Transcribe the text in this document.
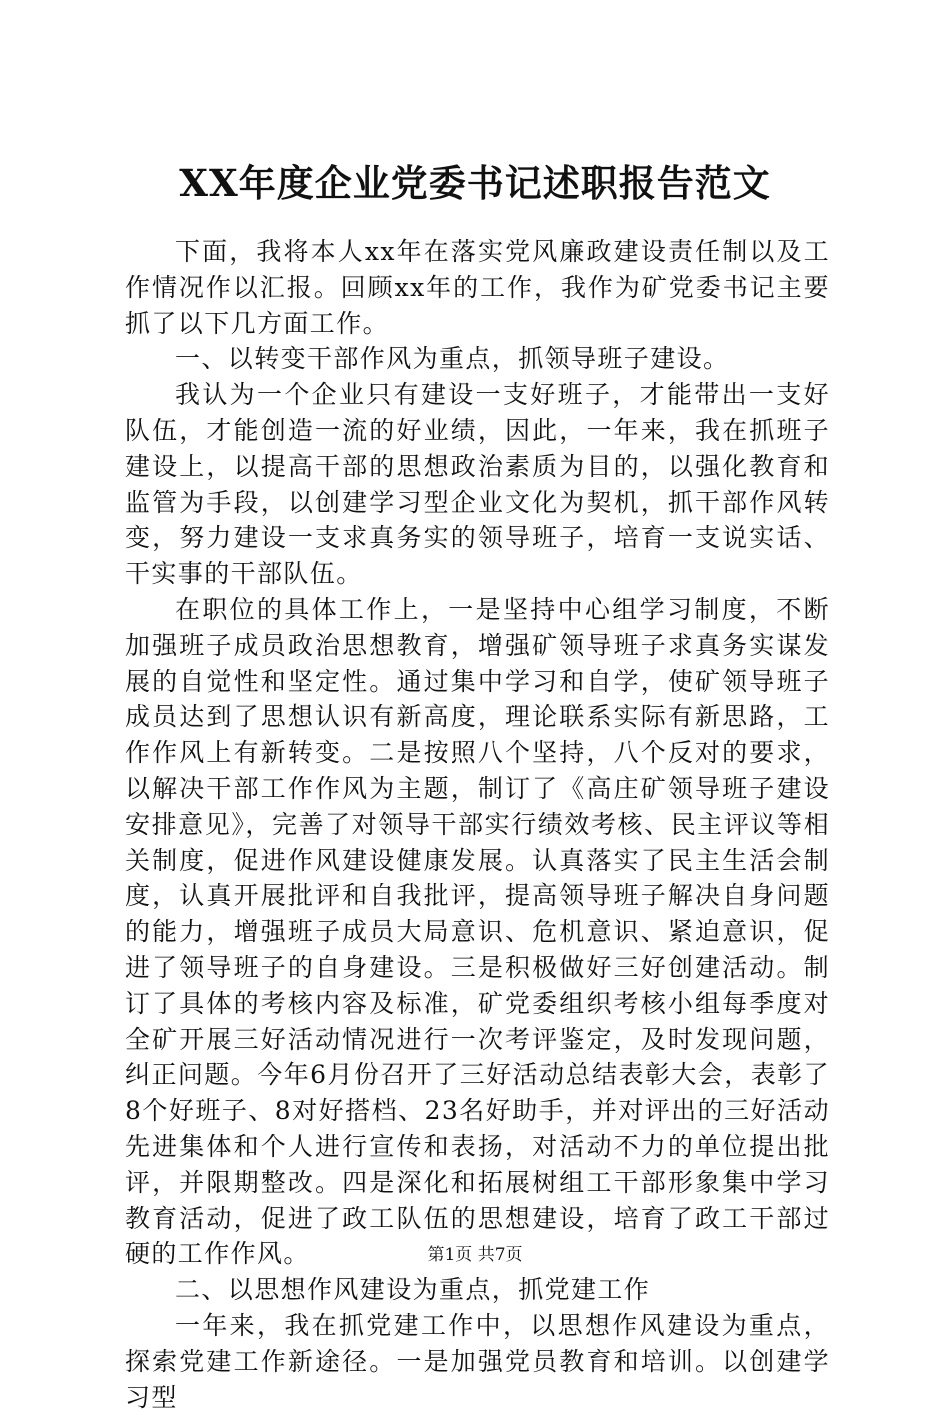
XX年度企业党委书记述职报告范文

下面，我将本人xx年在落实党风廉政建设责任制以及工作情况作以汇报。回顾xx年的工作，我作为矿党委书记主要抓了以下几方面工作。

一、以转变干部作风为重点，抓领导班子建设。

我认为一个企业只有建设一支好班子，才能带出一支好队伍，才能创造一流的好业绩，因此，一年来，我在抓班子建设上，以提高干部的思想政治素质为目的，以强化教育和监管为手段，以创建学习型企业文化为契机，抓干部作风转变，努力建设一支求真务实的领导班子，培育一支说实话、干实事的干部队伍。

在职位的具体工作上，一是坚持中心组学习制度，不断加强班子成员政治思想教育，增强矿领导班子求真务实谋发展的自觉性和坚定性。通过集中学习和自学，使矿领导班子成员达到了思想认识有新高度，理论联系实际有新思路，工作作风上有新转变。二是按照八个坚持，八个反对的要求，以解决干部工作作风为主题，制订了《高庄矿领导班子建设安排意见》，完善了对领导干部实行绩效考核、民主评议等相关制度，促进作风建设健康发展。认真落实了民主生活会制度，认真开展批评和自我批评，提高领导班子解决自身问题的能力，增强班子成员大局意识、危机意识、紧迫意识，促进了领导班子的自身建设。三是积极做好三好创建活动。制订了具体的考核内容及标准，矿党委组织考核小组每季度对全矿开展三好活动情况进行一次考评鉴定，及时发现问题，纠正问题。今年6月份召开了三好活动总结表彰大会，表彰了8个好班子、8对好搭档、23名好助手，并对评出的三好活动先进集体和个人进行宣传和表扬，对活动不力的单位提出批评，并限期整改。四是深化和拓展树组工干部形象集中学习教育活动，促进了政工队伍的思想建设，培育了政工干部过硬的工作作风。

二、以思想作风建设为重点，抓党建工作

一年来，我在抓党建工作中，以思想作风建设为重点，探索党建工作新途径。一是加强党员教育和培训。以创建学习型

第1页 共7页
